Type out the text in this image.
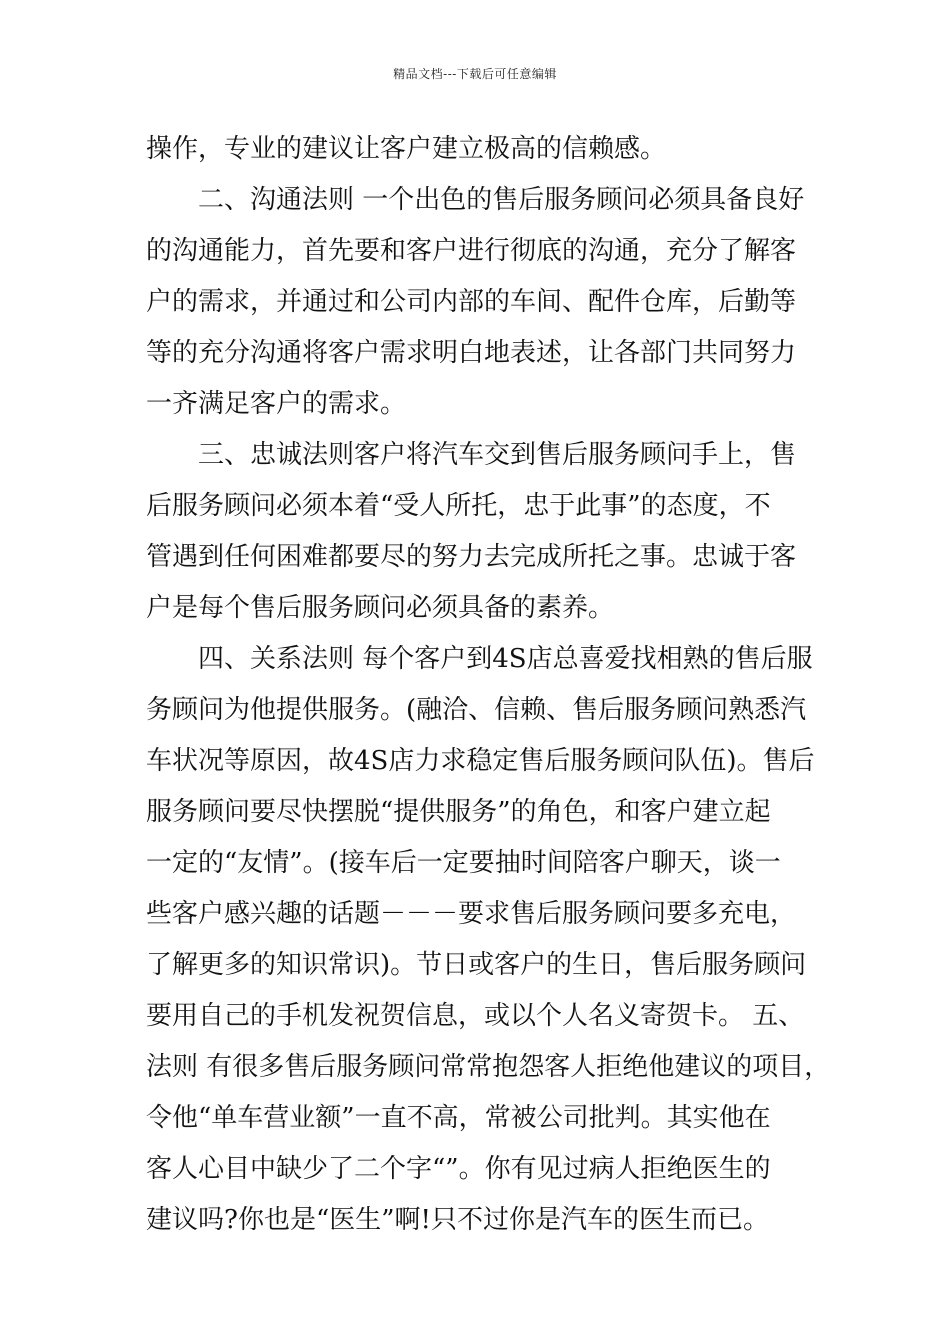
精品文档---下载后可任意编辑
操作，专业的建议让客户建立极高的信赖感。
二、沟通法则 一个出色的售后服务顾问必须具备良好
的沟通能力，首先要和客户进行彻底的沟通，充分了解客
户的需求，并通过和公司内部的车间、配件仓库，后勤等
等的充分沟通将客户需求明白地表述，让各部门共同努力
一齐满足客户的需求。
三、忠诚法则客户将汽车交到售后服务顾问手上，售
后服务顾问必须本着“受人所托，忠于此事”的态度，不
管遇到任何困难都要尽的努力去完成所托之事。忠诚于客
户是每个售后服务顾问必须具备的素养。
四、关系法则 每个客户到4S店总喜爱找相熟的售后服
务顾问为他提供服务。(融洽、信赖、售后服务顾问熟悉汽
车状况等原因，故4S店力求稳定售后服务顾问队伍)。售后
服务顾问要尽快摆脱“提供服务”的角色，和客户建立起
一定的“友情”。(接车后一定要抽时间陪客户聊天，谈一
些客户感兴趣的话题－－－要求售后服务顾问要多充电，
了解更多的知识常识)。节日或客户的生日，售后服务顾问
要用自己的手机发祝贺信息，或以个人名义寄贺卡。 五、
法则 有很多售后服务顾问常常抱怨客人拒绝他建议的项目，
令他“单车营业额”一直不高，常被公司批判。其实他在
客人心目中缺少了二个字“”。你有见过病人拒绝医生的
建议吗?你也是“医生”啊!只不过你是汽车的医生而已。
